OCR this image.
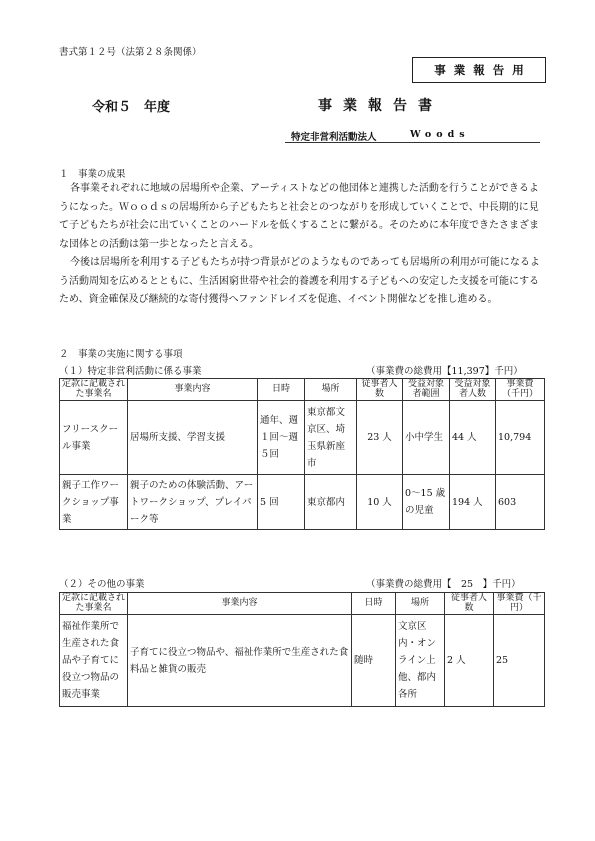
書式第１２号（法第２８条関係）
事業報告用
令和５　年度	事業報告書
特定非営利活動法人	Woods
１　事業の成果

各事業それぞれに地域の居場所や企業、アーティストなどの他団体と連携した活動を行うことができるようになった。Ｗｏｏｄｓの居場所から子どもたちと社会とのつながりを形成していくことで、中長期的に見て子どもたちが社会に出ていくことのハードルを低くすることに繋がる。そのために本年度できたさまざまな団体との活動は第一歩となったと言える。

今後は居場所を利用する子どもたちが持つ背景がどのようなものであっても居場所の利用が可能になるよう活動周知を広めるとともに、生活困窮世帯や社会的養護を利用する子どもへの安定した支援を可能にするため、資金確保及び継続的な寄付獲得へファンドレイズを促進、イベント開催などを推し進める。

２　事業の実施に関する事項
（１）特定非営利活動に係る事業	（事業費の総費用【11,397】千円）
定款に記載された事業名	事業内容	日時	場所	従事者人数	受益対象者範囲	受益対象者人数	事業費（千円）
フリースクール事業	居場所支援、学習支援	通年、週１回～週５回	東京都文京区、埼玉県新座市	23 人	小中学生	44 人	10,794
親子工作ワークショップ事業	親子のための体験活動、アートワークショップ、プレイパーク等	5 回	東京都内	10 人	0～15 歳の児童	194 人	603
（２）その他の事業	（事業費の総費用【　25　】千円）
定款に記載された事業名	事業内容	日時	場所	従事者人数	事業費（千円）
福祉作業所で生産された食品や子育てに役立つ物品の販売事業	子育てに役立つ物品や、福祉作業所で生産された食料品と雑貨の販売	随時	文京区内・オンライン上他、都内各所	2 人	25
